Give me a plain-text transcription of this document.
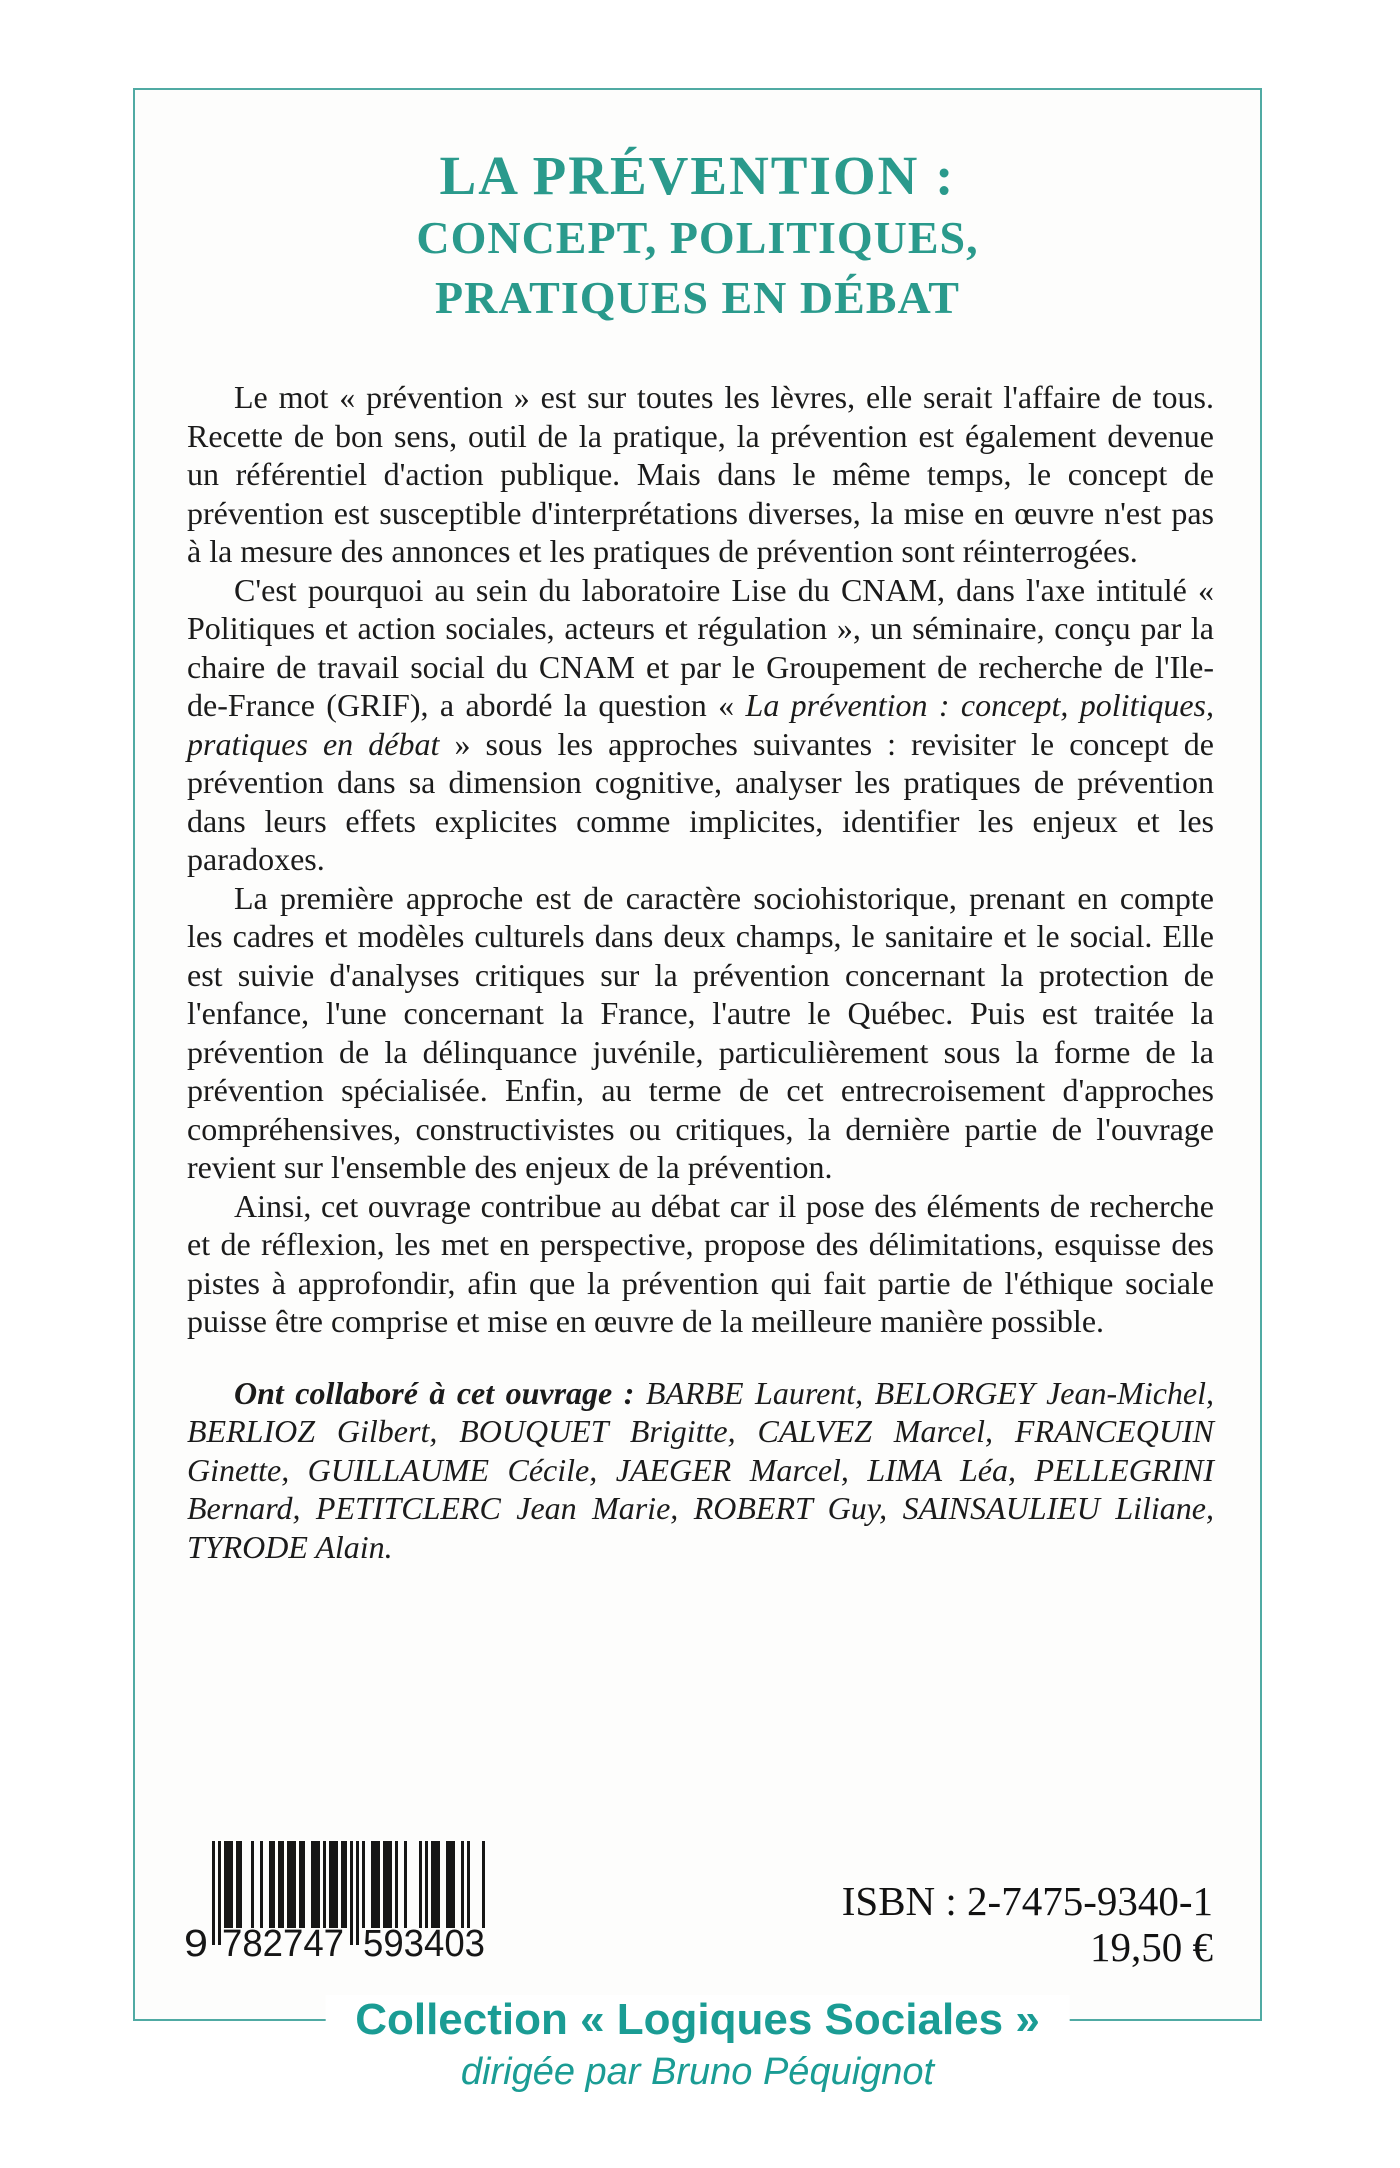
LA PRÉVENTION :
CONCEPT, POLITIQUES,
PRATIQUES EN DÉBAT

Le mot « prévention » est sur toutes les lèvres, elle serait l'affaire de tous. Recette de bon sens, outil de la pratique, la prévention est également devenue un référentiel d'action publique. Mais dans le même temps, le concept de prévention est susceptible d'interprétations diverses, la mise en œuvre n'est pas à la mesure des annonces et les pratiques de prévention sont réinterrogées.

C'est pourquoi au sein du laboratoire Lise du CNAM, dans l'axe intitulé « Politiques et action sociales, acteurs et régulation », un séminaire, conçu par la chaire de travail social du CNAM et par le Groupement de recherche de l'Ile-de-France (GRIF), a abordé la question « La prévention : concept, politiques, pratiques en débat » sous les approches suivantes : revisiter le concept de prévention dans sa dimension cognitive, analyser les pratiques de prévention dans leurs effets explicites comme implicites, identifier les enjeux et les paradoxes.

La première approche est de caractère sociohistorique, prenant en compte les cadres et modèles culturels dans deux champs, le sanitaire et le social. Elle est suivie d'analyses critiques sur la prévention concernant la protection de l'enfance, l'une concernant la France, l'autre le Québec. Puis est traitée la prévention de la délinquance juvénile, particulièrement sous la forme de la prévention spécialisée. Enfin, au terme de cet entrecroisement d'approches compréhensives, constructivistes ou critiques, la dernière partie de l'ouvrage revient sur l'ensemble des enjeux de la prévention.

Ainsi, cet ouvrage contribue au débat car il pose des éléments de recherche et de réflexion, les met en perspective, propose des délimitations, esquisse des pistes à approfondir, afin que la prévention qui fait partie de l'éthique sociale puisse être comprise et mise en œuvre de la meilleure manière possible.

Ont collaboré à cet ouvrage : BARBE Laurent, BELORGEY Jean-Michel, BERLIOZ Gilbert, BOUQUET Brigitte, CALVEZ Marcel, FRANCEQUIN Ginette, GUILLAUME Cécile, JAEGER Marcel, LIMA Léa, PELLEGRINI Bernard, PETITCLERC Jean Marie, ROBERT Guy, SAINSAULIEU Liliane, TYRODE Alain.

9 782747 593403
ISBN : 2-7475-9340-1
19,50 €
Collection « Logiques Sociales »
dirigée par Bruno Péquignot
